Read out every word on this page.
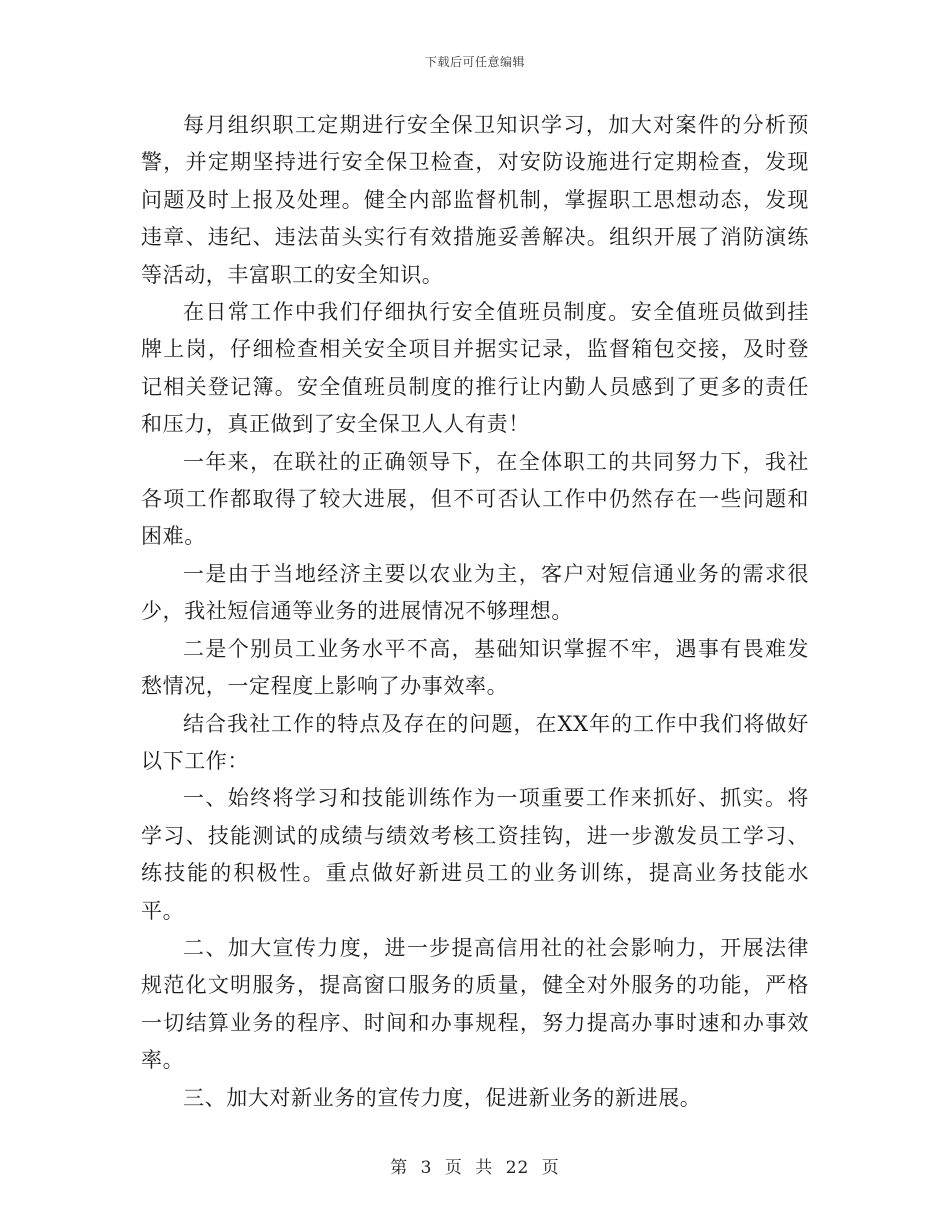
下载后可任意编辑

每月组织职工定期进行安全保卫知识学习，加大对案件的分析预警，并定期坚持进行安全保卫检查，对安防设施进行定期检查，发现问题及时上报及处理。健全内部监督机制，掌握职工思想动态，发现违章、违纪、违法苗头实行有效措施妥善解决。组织开展了消防演练等活动，丰富职工的安全知识。

在日常工作中我们仔细执行安全值班员制度。安全值班员做到挂牌上岗，仔细检查相关安全项目并据实记录，监督箱包交接，及时登记相关登记簿。安全值班员制度的推行让内勤人员感到了更多的责任和压力，真正做到了安全保卫人人有责！

一年来，在联社的正确领导下，在全体职工的共同努力下，我社各项工作都取得了较大进展，但不可否认工作中仍然存在一些问题和困难。

一是由于当地经济主要以农业为主，客户对短信通业务的需求很少，我社短信通等业务的进展情况不够理想。

二是个别员工业务水平不高，基础知识掌握不牢，遇事有畏难发愁情况，一定程度上影响了办事效率。

结合我社工作的特点及存在的问题，在XX年的工作中我们将做好以下工作：

一、始终将学习和技能训练作为一项重要工作来抓好、抓实。将学习、技能测试的成绩与绩效考核工资挂钩，进一步激发员工学习、练技能的积极性。重点做好新进员工的业务训练，提高业务技能水平。

二、加大宣传力度，进一步提高信用社的社会影响力，开展法律规范化文明服务，提高窗口服务的质量，健全对外服务的功能，严格一切结算业务的程序、时间和办事规程，努力提高办事时速和办事效率。

三、加大对新业务的宣传力度，促进新业务的新进展。

第 3 页 共 22 页
